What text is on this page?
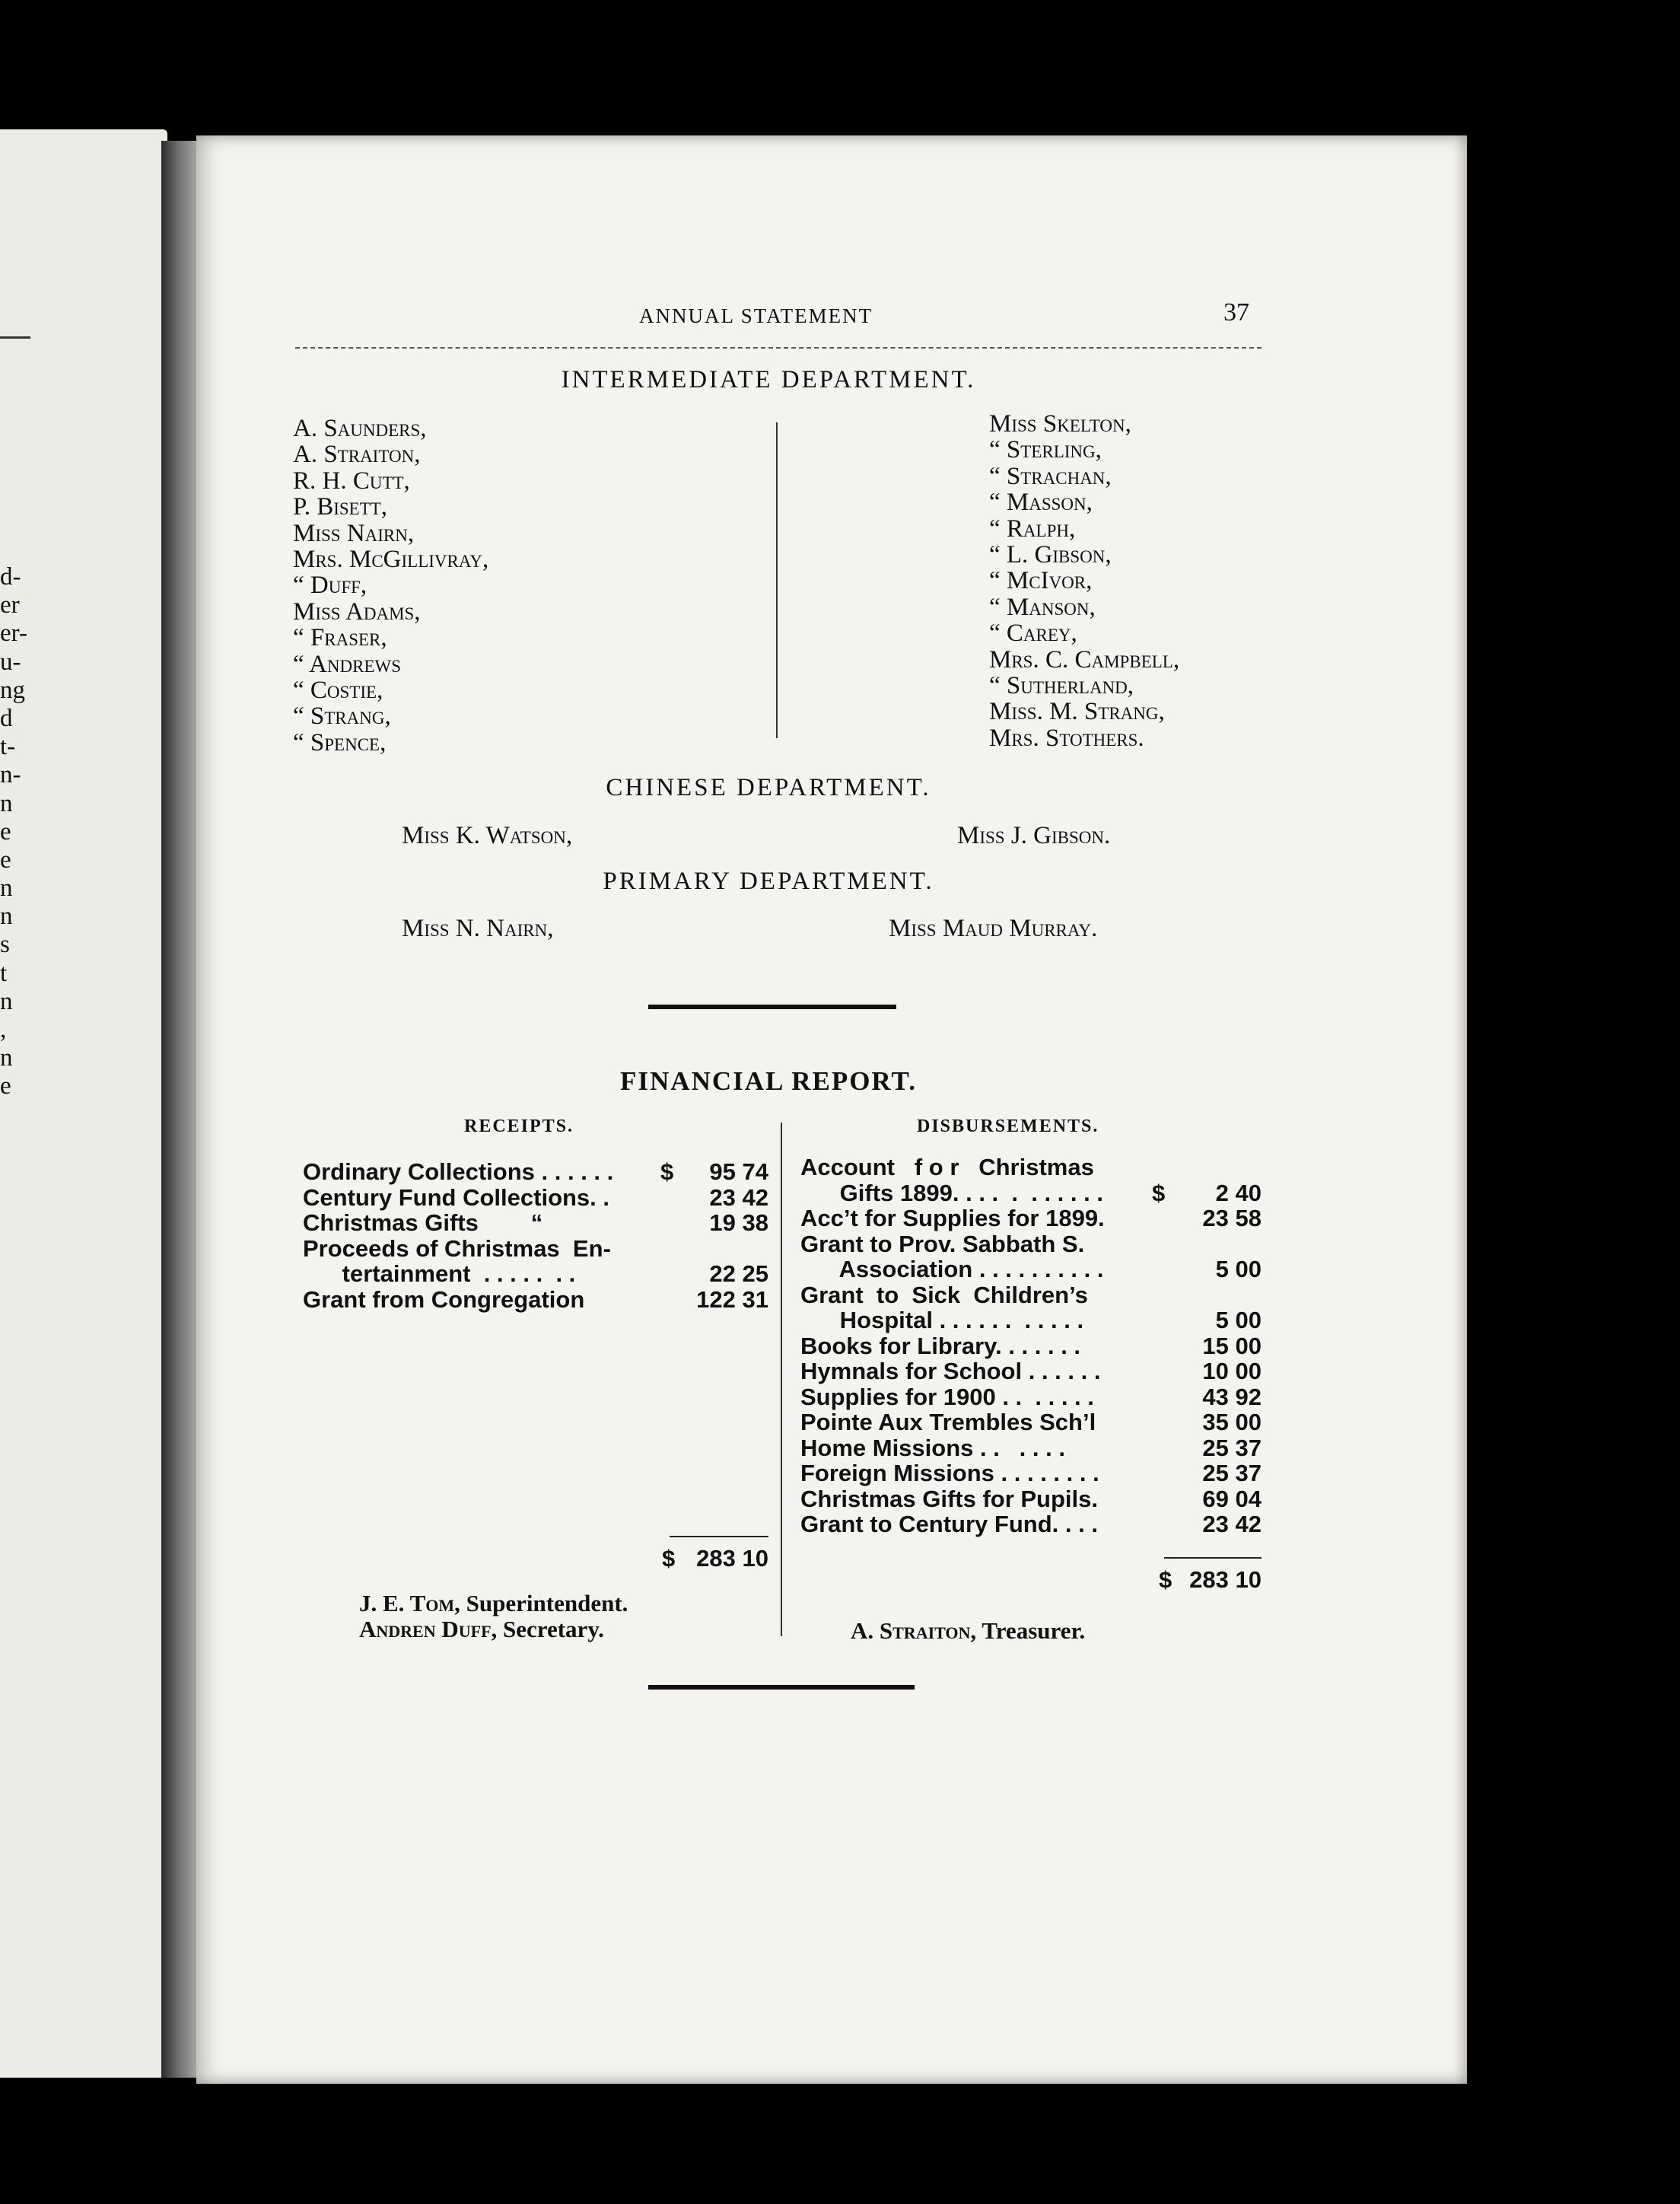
d-
er
er-
u-
ng
d
t-
n-
n
e
e
n
n
s
t
n
,
n
e
ANNUAL STATEMENT	37
INTERMEDIATE DEPARTMENT.
A. Saunders,
A. Straiton,
R. H. Cutt,
P. Bisett,
Miss Nairn,
Mrs. McGillivray,
“ Duff,
Miss Adams,
“ Fraser,
“ Andrews
“ Costie,
“ Strang,
“ Spence,
Miss Skelton,
“ Sterling,
“ Strachan,
“ Masson,
“ Ralph,
“ L. Gibson,
“ McIvor,
“ Manson,
“ Carey,
Mrs. C. Campbell,
“ Sutherland,
Miss. M. Strang,
Mrs. Stothers.
CHINESE DEPARTMENT.
Miss K. Watson,	Miss J. Gibson.
PRIMARY DEPARTMENT.
Miss N. Nairn,	Miss Maud Murray.
FINANCIAL REPORT.
RECEIPTS.	DISBURSEMENTS.
Ordinary Collections . . . . . . $	95 74
Century Fund Collections. .	23 42
Christmas Gifts        “	19 38
Proceeds of Christmas  En-
tertainment  . . . . .  . .	22 25
Grant from Congregation	122 31
$ 283 10
Account   f o r   Christmas
Gifts 1899. . . .  .  . . . . . . $	2 40
Acc’t for Supplies for 1899.	23 58
Grant to Prov. Sabbath S.
Association . . . . . . . . . .	5 00
Grant  to  Sick  Children’s
Hospital . . . . . .  . . . . .	5 00
Books for Library. . . . . . .	15 00
Hymnals for School . . . . . .	10 00
Supplies for 1900 . .  . . . . .	43 92
Pointe Aux Trembles Sch’l	35 00
Home Missions . .   . . . .	25 37
Foreign Missions . . . . . . . .	25 37
Christmas Gifts for Pupils.	69 04
Grant to Century Fund. . . .	23 42
$ 283 10
J. E. Tom, Superintendent.
Andren Duff, Secretary.	A. Straiton, Treasurer.
